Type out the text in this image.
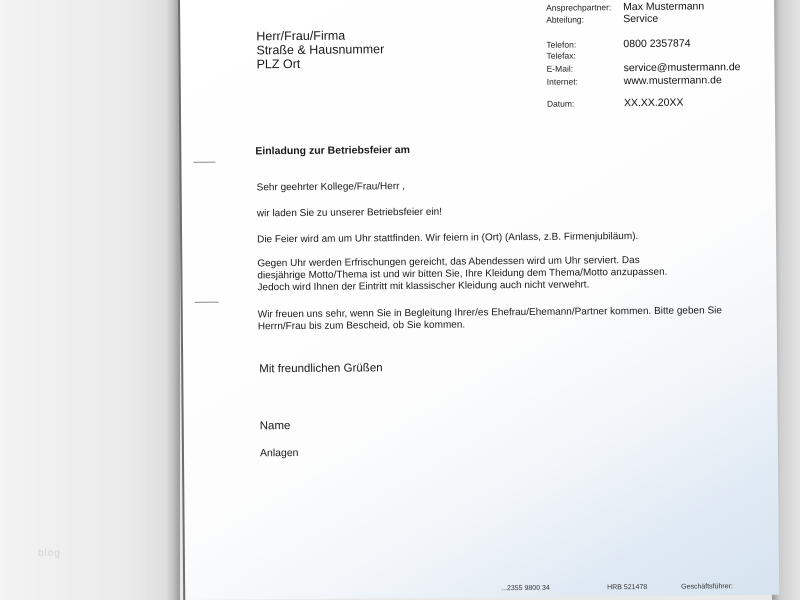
blog
Herr/Frau/Firma
Straße & Hausnummer
PLZ Ort
Ansprechpartner: Max Mustermann
Abteilung:	Service
Telefon:	0800 2357874
Telefax:
E-Mail:	service@mustermann.de
Internet:	www.mustermann.de
Datum:	XX.XX.20XX
Einladung zur Betriebsfeier am
Sehr geehrter Kollege/Frau/Herr ,
wir laden Sie zu unserer Betriebsfeier ein!
Die Feier wird am um Uhr stattfinden. Wir feiern in (Ort) (Anlass, z.B. Firmenjubiläum).
Gegen Uhr werden Erfrischungen gereicht, das Abendessen wird um Uhr serviert. Das
diesjährige Motto/Thema ist und wir bitten Sie, Ihre Kleidung dem Thema/Motto anzupassen.
Jedoch wird Ihnen der Eintritt mit klassischer Kleidung auch nicht verwehrt.
Wir freuen uns sehr, wenn Sie in Begleitung Ihrer/es Ehefrau/Ehemann/Partner kommen. Bitte geben Sie
Herrn/Frau bis zum Bescheid, ob Sie kommen.
Mit freundlichen Grüßen
Name
Anlagen
...2355 9800 34	HRB 521478	Geschäftsführer:
